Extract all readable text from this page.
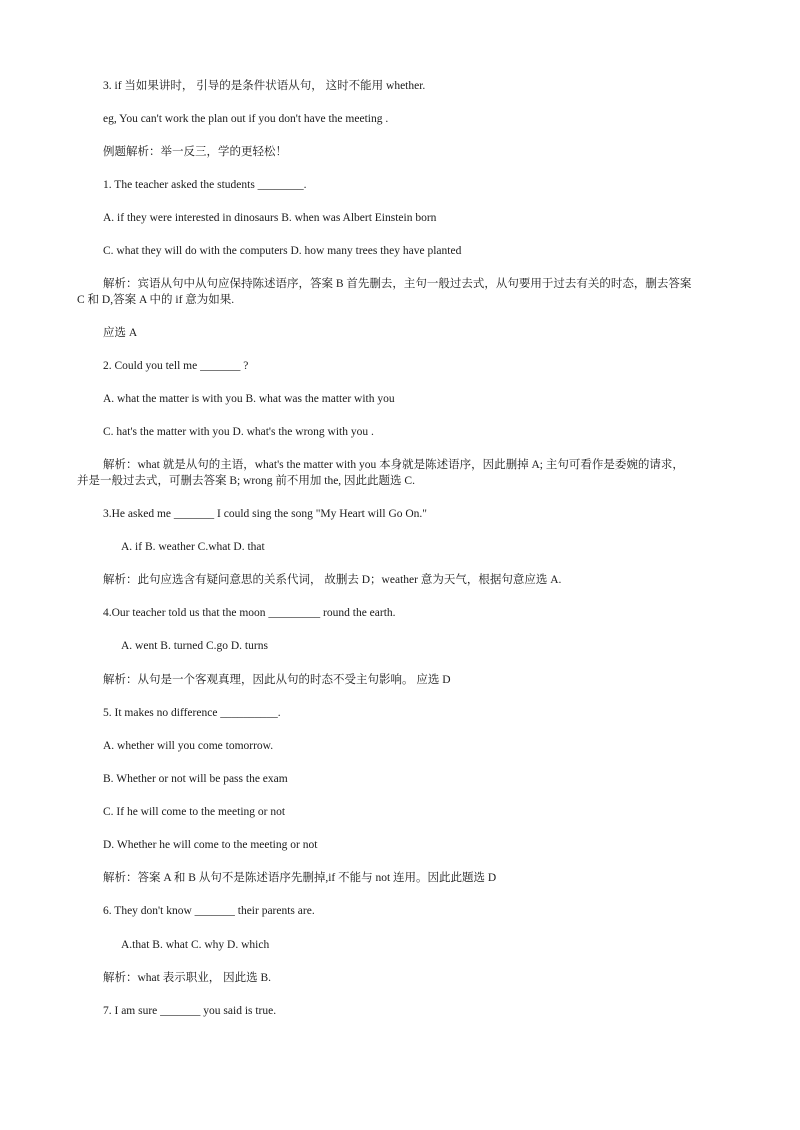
3. if 当如果讲时， 引导的是条件状语从句， 这时不能用 whether.
eg, You can't work the plan out if you don't have the meeting .
例题解析：举一反三，学的更轻松！
1. The teacher asked the students ________.
A. if they were interested in dinosaurs B. when was Albert Einstein born
C. what they will do with the computers D. how many trees they have planted
解析：宾语从句中从句应保持陈述语序，答案 B 首先删去，主句一般过去式，从句要用于过去有关的时态，删去答案
C 和 D,答案 A 中的 if 意为如果.
应选 A
2. Could you tell me _______ ?
A. what the matter is with you B. what was the matter with you
C. hat's the matter with you D. what's the wrong with you .
解析：what 就是从句的主语，what's the matter with you 本身就是陈述语序，因此删掉 A; 主句可看作是委婉的请求，
并是一般过去式，可删去答案 B; wrong 前不用加 the, 因此此题选 C.
3.He asked me _______ I could sing the song "My Heart will Go On."
A. if B. weather C.what D. that
解析：此句应选含有疑问意思的关系代词， 故删去 D；weather 意为天气，根据句意应选 A.
4.Our teacher told us that the moon _________ round the earth.
A. went B. turned C.go D. turns
解析：从句是一个客观真理，因此从句的时态不受主句影响。 应选 D
5. It makes no difference __________.
A. whether will you come tomorrow.
B. Whether or not will be pass the exam
C. If he will come to the meeting or not
D. Whether he will come to the meeting or not
解析：答案 A 和 B 从句不是陈述语序先删掉,if 不能与 not 连用。因此此题选 D
6. They don't know _______ their parents are.
A.that B. what C. why D. which
解析：what 表示职业， 因此选 B.
7. I am sure _______ you said is true.
